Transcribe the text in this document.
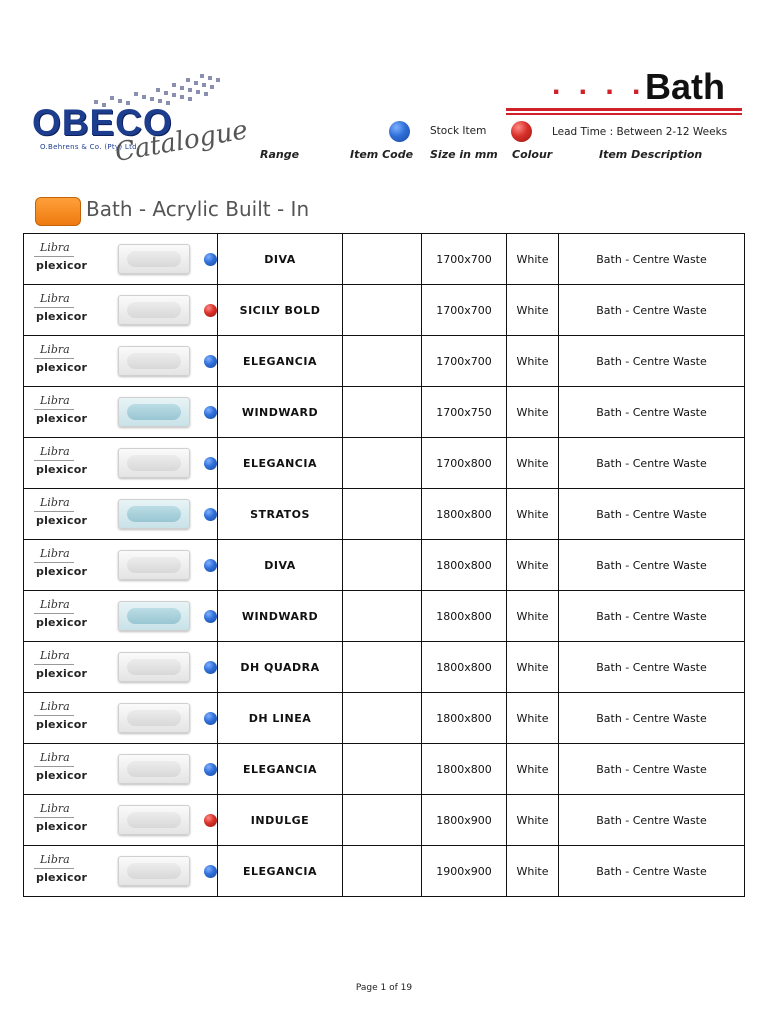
OBECO
O.Behrens & Co. (Pty) Ltd
Catalogue
. . . . Bath
Stock Item	Lead Time : Between 2-12 Weeks
Range	Item Code Size in mm Colour	Item Description
Bath - Acrylic Built - In
Libra
plexicor			DIVA		1700x700	White	Bath - Centre Waste

Libra
plexicor			SICILY BOLD		1700x700	White	Bath - Centre Waste

Libra
plexicor			ELEGANCIA		1700x700	White	Bath - Centre Waste

Libra
plexicor			WINDWARD		1700x750	White	Bath - Centre Waste

Libra
plexicor			ELEGANCIA		1700x800	White	Bath - Centre Waste

Libra
plexicor			STRATOS		1800x800	White	Bath - Centre Waste

Libra
plexicor			DIVA		1800x800	White	Bath - Centre Waste

Libra
plexicor			WINDWARD		1800x800	White	Bath - Centre Waste

Libra
plexicor			DH QUADRA		1800x800	White	Bath - Centre Waste

Libra
plexicor			DH LINEA		1800x800	White	Bath - Centre Waste

Libra
plexicor			ELEGANCIA		1800x800	White	Bath - Centre Waste

Libra
plexicor			INDULGE		1800x900	White	Bath - Centre Waste

Libra
plexicor			ELEGANCIA		1900x900	White	Bath - Centre Waste
Page 1 of 19
